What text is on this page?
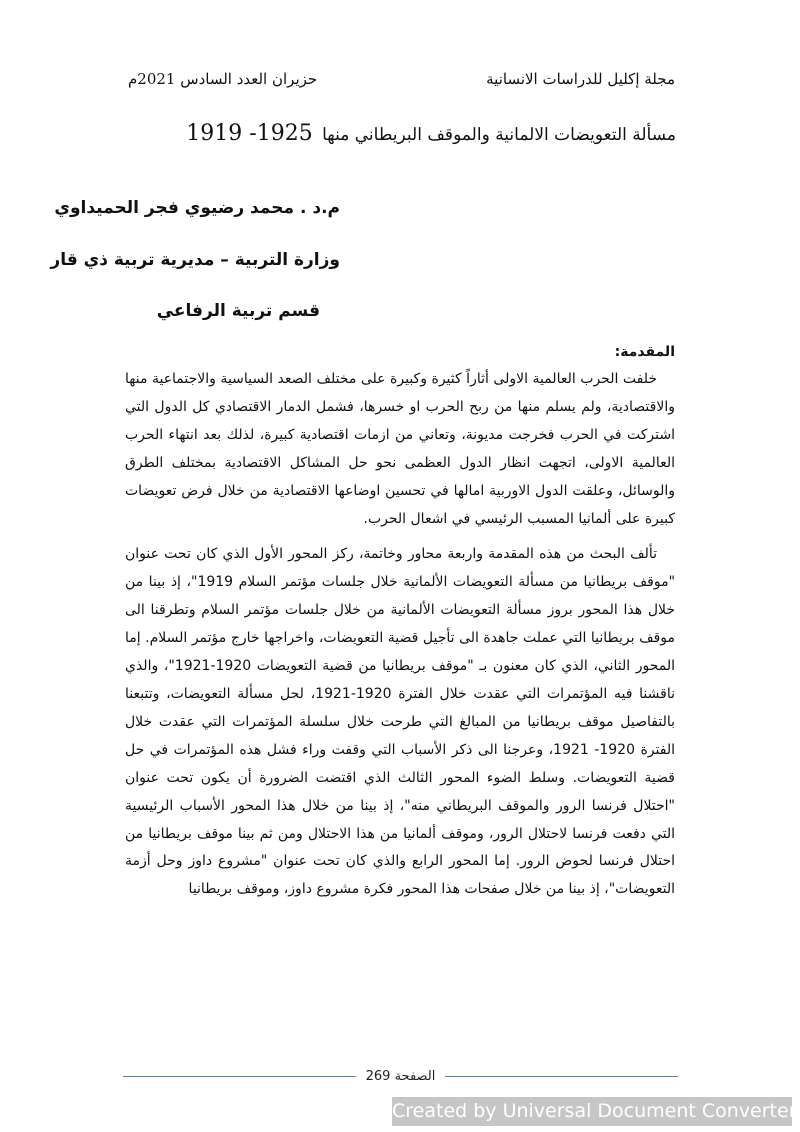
مجلة إكليل للدراسات الانسانية
حزيران العدد السادس 2021م
مسألة التعويضات الالمانية والموقف البريطاني منها 1919 -1925
م.د . محمد رضيوي فجر الحميداوي
وزارة التربية – مديرية تربية ذي قار
قسم تربية الرفاعي
المقدمة:

خلفت الحرب العالمية الاولى أثاراً كثيرة وكبيرة على مختلف الصعد السياسية والاجتماعية منها والاقتصادية، ولم يسلم منها من ربح الحرب او خسرها، فشمل الدمار الاقتصادي كل الدول التي اشتركت في الحرب فخرجت مديونة، وتعاني من ازمات اقتصادية كبيرة، لذلك بعد انتهاء الحرب العالمية الاولى، اتجهت انظار الدول العظمى نحو حل المشاكل الاقتصادية بمختلف الطرق والوسائل، وعلقت الدول الاوربية امالها في تحسين اوضاعها الاقتصادية من خلال فرض تعويضات كبيرة على ألمانيا المسبب الرئيسي في اشعال الحرب.

تألف البحث من هذه المقدمة واربعة محاور وخاتمة، ركز المحور الأول الذي كان تحت عنوان "موقف بريطانيا من مسألة التعويضات الألمانية خلال جلسات مؤتمر السلام 1919"، إذ بينا من خلال هذا المحور بروز مسألة التعويضات الألمانية من خلال جلسات مؤتمر السلام وتطرقنا الى موقف بريطانيا التي عملت جاهدة الى تأجيل قضية التعويضات، واخراجها خارج مؤتمر السلام. إما المحور الثاني، الذي كان معنون بـ "موقف بريطانيا من قضية التعويضات 1920-1921"، والذي ناقشنا فيه المؤتمرات التي عقدت خلال الفترة 1920-1921، لحل مسألة التعويضات، وتتبعنا بالتفاصيل موقف بريطانيا من المبالغ التي طرحت خلال سلسلة المؤتمرات التي عقدت خلال الفترة 1920- 1921، وعرجنا الى ذكر الأسباب التي وقفت وراء فشل هذه المؤتمرات في حل قضية التعويضات. وسلط الضوء المحور الثالث الذي اقتضت الضرورة أن يكون تحت عنوان "احتلال فرنسا الرور والموقف البريطاني منه"، إذ بينا من خلال هذا المحور الأسباب الرئيسية التي دفعت فرنسا لاحتلال الرور، وموقف ألمانيا من هذا الاحتلال ومن ثم بينا موقف بريطانيا من احتلال فرنسا لحوض الرور. إما المحور الرابع والذي كان تحت عنوان "مشروع داوز وحل أزمة التعويضات"، إذ بينا من خلال صفحات هذا المحور فكرة مشروع داوز، وموقف بريطانيا

الصفحة 269
Created by Universal Document Converter
